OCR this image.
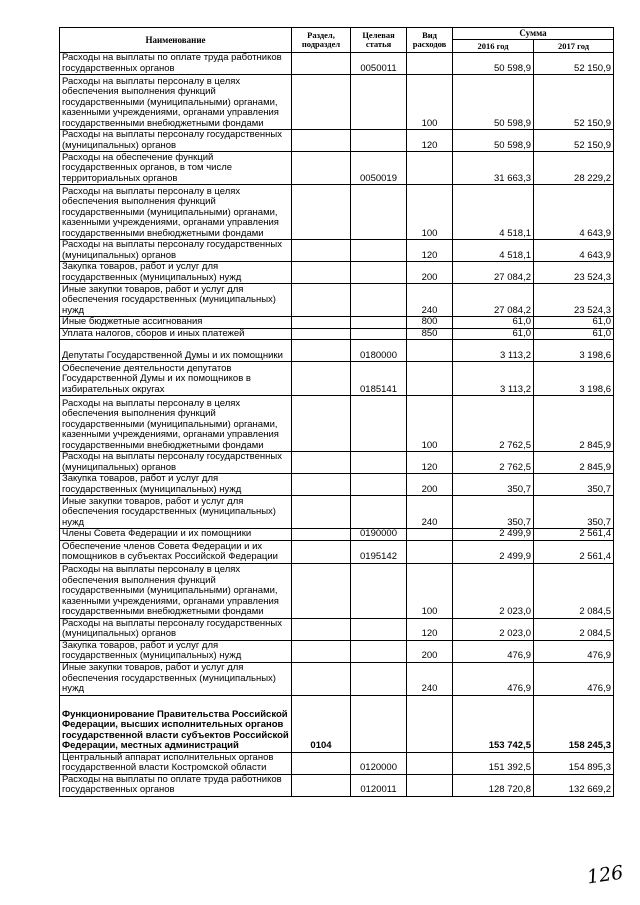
Наименование	Раздел, подраздел	Целевая статья	Вид расходов	Сумма	
				2016 год	2017 год
Расходы на выплаты по оплате труда работников государственных органов		0050011		50 598,9	52 150,9
Расходы на выплаты персоналу в целях обеспечения выполнения функций государственными (муниципальными) органами, казенными учреждениями, органами управления государственными внебюджетными фондами			100	50 598,9	52 150,9
Расходы на выплаты персоналу государственных (муниципальных) органов			120	50 598,9	52 150,9
Расходы на обеспечение функций государственных органов, в том числе территориальных органов		0050019		31 663,3	28 229,2
Расходы на выплаты персоналу в целях обеспечения выполнения функций государственными (муниципальными) органами, казенными учреждениями, органами управления государственными внебюджетными фондами			100	4 518,1	4 643,9
Расходы на выплаты персоналу государственных (муниципальных) органов			120	4 518,1	4 643,9
Закупка товаров, работ и услуг для государственных (муниципальных) нужд			200	27 084,2	23 524,3
Иные закупки товаров, работ и услуг для обеспечения государственных (муниципальных) нужд			240	27 084,2	23 524,3
Иные бюджетные ассигнования			800	61,0	61,0
Уплата налогов, сборов и иных платежей			850	61,0	61,0
Депутаты Государственной Думы и их помощники		0180000		3 113,2	3 198,6
Обеспечение деятельности депутатов Государственной Думы и их помощников в избирательных округах		0185141		3 113,2	3 198,6
Расходы на выплаты персоналу в целях обеспечения выполнения функций государственными (муниципальными) органами, казенными учреждениями, органами управления государственными внебюджетными фондами			100	2 762,5	2 845,9
Расходы на выплаты персоналу государственных (муниципальных) органов			120	2 762,5	2 845,9
Закупка товаров, работ и услуг для государственных (муниципальных) нужд			200	350,7	350,7
Иные закупки товаров, работ и услуг для обеспечения государственных (муниципальных) нужд			240	350,7	350,7
Члены Совета Федерации и их помощники		0190000		2 499,9	2 561,4
Обеспечение членов Совета Федерации и их помощников в субъектах Российской Федерации		0195142		2 499,9	2 561,4
Расходы на выплаты персоналу в целях обеспечения выполнения функций государственными (муниципальными) органами, казенными учреждениями, органами управления государственными внебюджетными фондами			100	2 023,0	2 084,5
Расходы на выплаты персоналу государственных (муниципальных) органов			120	2 023,0	2 084,5
Закупка товаров, работ и услуг для государственных (муниципальных) нужд			200	476,9	476,9
Иные закупки товаров, работ и услуг для обеспечения государственных (муниципальных) нужд			240	476,9	476,9
Функционирование Правительства Российской Федерации, высших исполнительных органов государственной власти субъектов Российской Федерации, местных администраций	0104			153 742,5	158 245,3
Центральный аппарат исполнительных органов государственной власти Костромской области		0120000		151 392,5	154 895,3
Расходы на выплаты по оплате труда работников государственных органов		0120011		128 720,8	132 669,2
126
